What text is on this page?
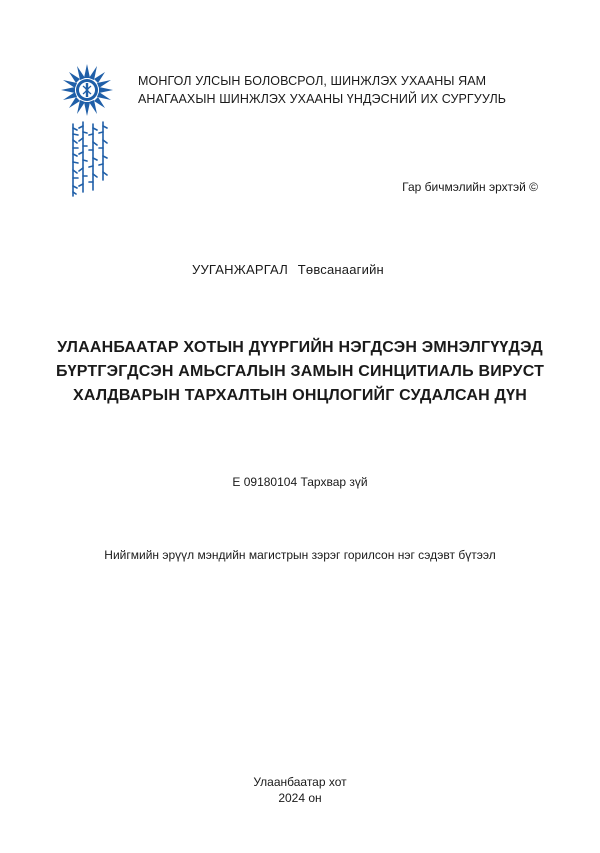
МОНГОЛ УЛСЫН БОЛОВСРОЛ, ШИНЖЛЭХ УХААНЫ ЯАМ
АНАГААХЫН ШИНЖЛЭХ УХААНЫ ҮНДЭСНИЙ ИХ СУРГУУЛЬ
Гар бичмэлийн эрхтэй ©
УУГАНЖАРГАЛ Төвсанаагийн
УЛААНБААТАР ХОТЫН ДҮҮРГИЙН НЭГДСЭН ЭМНЭЛГҮҮДЭД
БҮРТГЭГДСЭН АМЬСГАЛЫН ЗАМЫН СИНЦИТИАЛЬ ВИРУСТ
ХАЛДВАРЫН ТАРХАЛТЫН ОНЦЛОГИЙГ СУДАЛСАН ДҮН
Е 09180104 Тархвар зүй
Нийгмийн эрүүл мэндийн магистрын зэрэг горилсон нэг сэдэвт бүтээл
Улаанбаатар хот
2024 он
